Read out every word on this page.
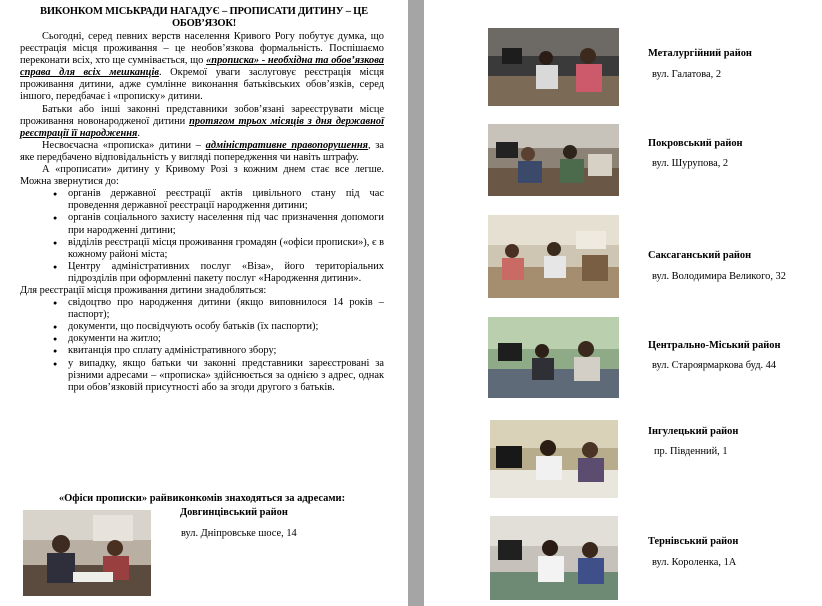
ВИКОНКОМ МІСЬКРАДИ НАГАДУЄ – ПРОПИСАТИ ДИТИНУ – ЦЕ ОБОВ’ЯЗОК!

Сьогодні, серед певних верств населення Кривого Рогу побутує думка, що реєстрація місця проживання – це необов’язкова формальність. Поспішаємо переконати всіх, хто ще сумнівається, що «прописка» - необхідна та обов’язкова справа для всіх мешканців. Окремої уваги заслуговує реєстрація місця проживання дитини, адже сумлінне виконання батьківських обов’язків, серед іншого, передбачає і «прописку» дитини.

Батьки або інші законні представники зобов’язані зареєструвати місце проживання новонародженої дитини протягом трьох місяців з дня державної реєстрації її народження.

Несвоєчасна «прописка» дитини – адміністративне правопорушення, за яке передбачено відповідальність у вигляді попередження чи навіть штрафу.

А «прописати» дитину у Кривому Розі з кожним днем стає все легше. Можна звернутися до:

● органів державної реєстрації актів цивільного стану під час проведення державної реєстрації народження дитини;
● органів соціального захисту населення під час призначення допомоги при народженні дитини;
● відділів реєстрації місця проживання громадян («офіси прописки»), є в кожному районі міста;
● Центру адміністративних послуг «Віза», його територіальних підрозділів при оформленні пакету послуг «Народження дитини».

Для реєстрації місця проживання дитини знадобляться:

● свідоцтво про народження дитини (якщо виповнилося 14 років – паспорт);
● документи, що посвідчують особу батьків (їх паспорти);
● документи на житло;
● квитанція про сплату адміністративного збору;
● у випадку, якщо батьки чи законні представники зареєстровані за різними адресами – «прописка» здійснюється за однією з адрес, однак при обов’язковій присутності або за згоди другого з батьків.
«Офіси прописки» райвиконкомів знаходяться за адресами:
Довгинцівський район
вул. Дніпровське шосе, 14
Металургійний район
вул. Галатова, 2
Покровський район
вул. Шурупова, 2
Саксаганський район
вул. Володимира Великого, 32
Центрально-Міський район
вул. Староярмаркова буд. 44
Інгулецький район
пр. Південний, 1
Тернівський район
вул. Короленка, 1А
